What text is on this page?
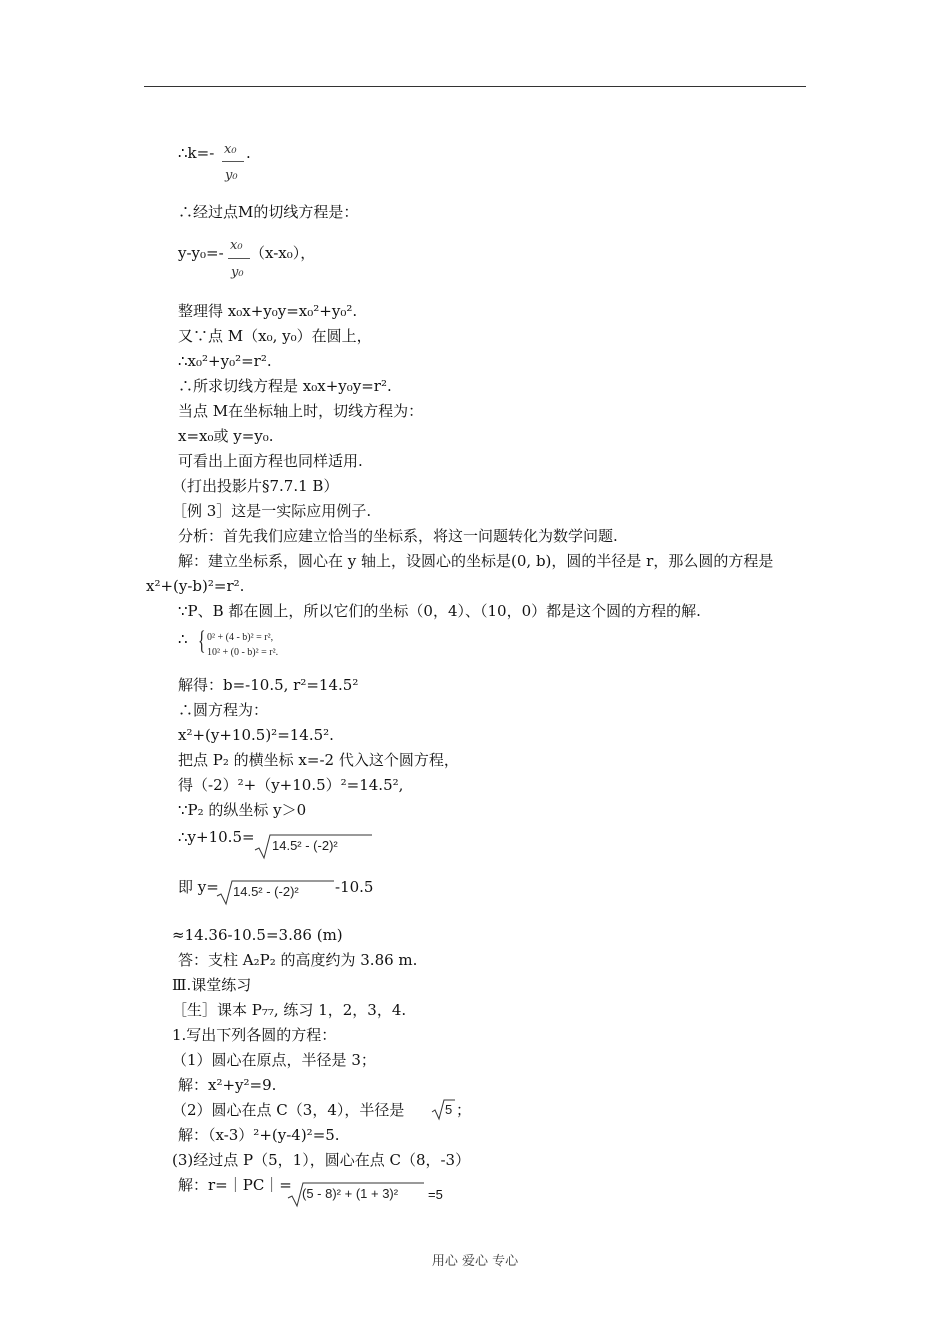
∴k=- x₀
y₀
.
∴经过点M的切线方程是：
y-y₀=- x₀
y₀
（x-x₀），
整理得 x₀x+y₀y=x₀²+y₀².
又∵点 M（x₀, y₀）在圆上，
∴x₀²+y₀²=r².
∴所求切线方程是 x₀x+y₀y=r².
当点 M在坐标轴上时，切线方程为：
x=x₀或 y=y₀.
可看出上面方程也同样适用.
（打出投影片§7.7.1 B）
［例 3］这是一实际应用例子.
分析：首先我们应建立恰当的坐标系，将这一问题转化为数学问题.
解：建立坐标系，圆心在 y 轴上，设圆心的坐标是(0, b)，圆的半径是 r，那么圆的方程是
x²+(y-b)²=r².
∵P、B 都在圆上，所以它们的坐标（0，4）、（10，0）都是这个圆的方程的解.
∴ { 0² + (4 - b)² = r²,
10² + (0 - b)² = r².
解得：b=-10.5, r²=14.5²
∴圆方程为：
x²+(y+10.5)²=14.5².
把点 P₂ 的横坐标 x=-2 代入这个圆方程，
得（-2）²+（y+10.5）²=14.5²,
∵P₂ 的纵坐标 y＞0
∴y+10.5= 14.5² - (-2)²
即 y= 14.5² - (-2)² -10.5
≈14.36-10.5=3.86 (m)
答：支柱 A₂P₂ 的高度约为 3.86 m.
Ⅲ.课堂练习
［生］课本 P₇₇, 练习 1，2，3，4.
1.写出下列各圆的方程：
（1）圆心在原点，半径是 3；
解：x²+y²=9.
（2）圆心在点 C（3，4），半径是	5 ；
解：（x-3）²+(y-4)²=5.
(3)经过点 P（5，1），圆心在点 C（8，-3）
解：r=｜PC｜= (5 - 8)² + (1 + 3)² =5
用心 爱心 专心
